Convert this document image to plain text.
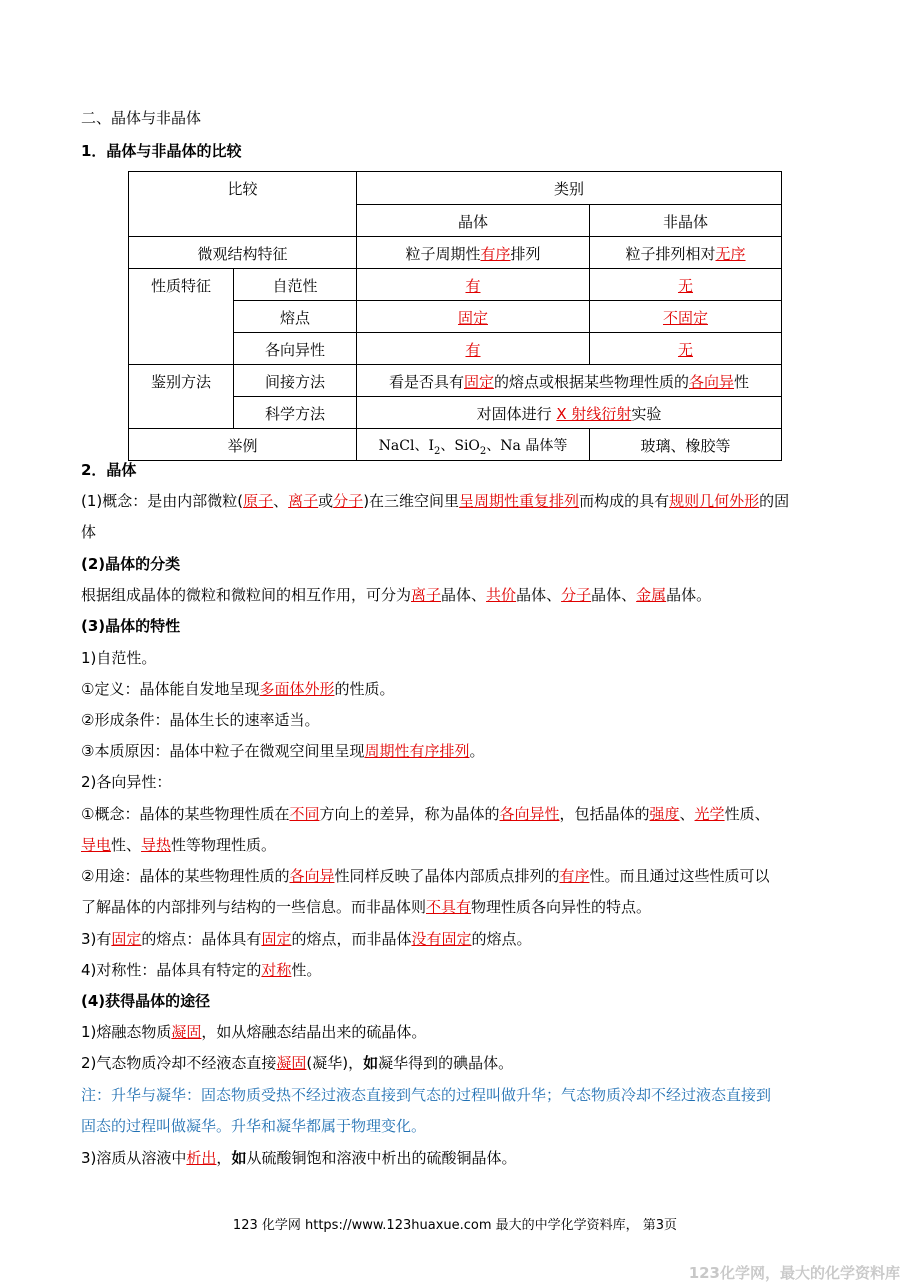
二、晶体与非晶体
1．晶体与非晶体的比较
比较		类别	
		晶体	非晶体
微观结构特征		粒子周期性有序排列	粒子排列相对无序
性质特征	自范性	有	无
	熔点	固定	不固定
	各向异性	有	无
鉴别方法	间接方法	看是否具有固定的熔点或根据某些物理性质的各向异性	
	科学方法	对固体进行 X 射线衍射实验	
举例		NaCl、$I_2$、SiO$_2$、Na 晶体等	玻璃、橡胶等
2．晶体
(1)概念：是由内部微粒(原子、离子或分子)在三维空间里呈周期性重复排列而构成的具有规则几何外形的固
体
(2)晶体的分类
根据组成晶体的微粒和微粒间的相互作用，可分为离子晶体、共价晶体、分子晶体、金属晶体。
(3)晶体的特性
1)自范性。
①定义：晶体能自发地呈现多面体外形的性质。
②形成条件：晶体生长的速率适当。
③本质原因：晶体中粒子在微观空间里呈现周期性有序排列。
2)各向异性：
①概念：晶体的某些物理性质在不同方向上的差异，称为晶体的各向异性，包括晶体的强度、光学性质、
导电性、导热性等物理性质。
②用途：晶体的某些物理性质的各向异性同样反映了晶体内部质点排列的有序性。而且通过这些性质可以
了解晶体的内部排列与结构的一些信息。而非晶体则不具有物理性质各向异性的特点。
3)有固定的熔点：晶体具有固定的熔点，而非晶体没有固定的熔点。
4)对称性：晶体具有特定的对称性。
(4)获得晶体的途径
1)熔融态物质凝固，如从熔融态结晶出来的硫晶体。
2)气态物质冷却不经液态直接凝固(凝华)，如凝华得到的碘晶体。
注：升华与凝华：固态物质受热不经过液态直接到气态的过程叫做升华；气态物质冷却不经过液态直接到
固态的过程叫做凝华。升华和凝华都属于物理变化。
3)溶质从溶液中析出，如从硫酸铜饱和溶液中析出的硫酸铜晶体。
123 化学网 https://www.123huaxue.com 最大的中学化学资料库， 第3页
123化学网，最大的化学资料库
